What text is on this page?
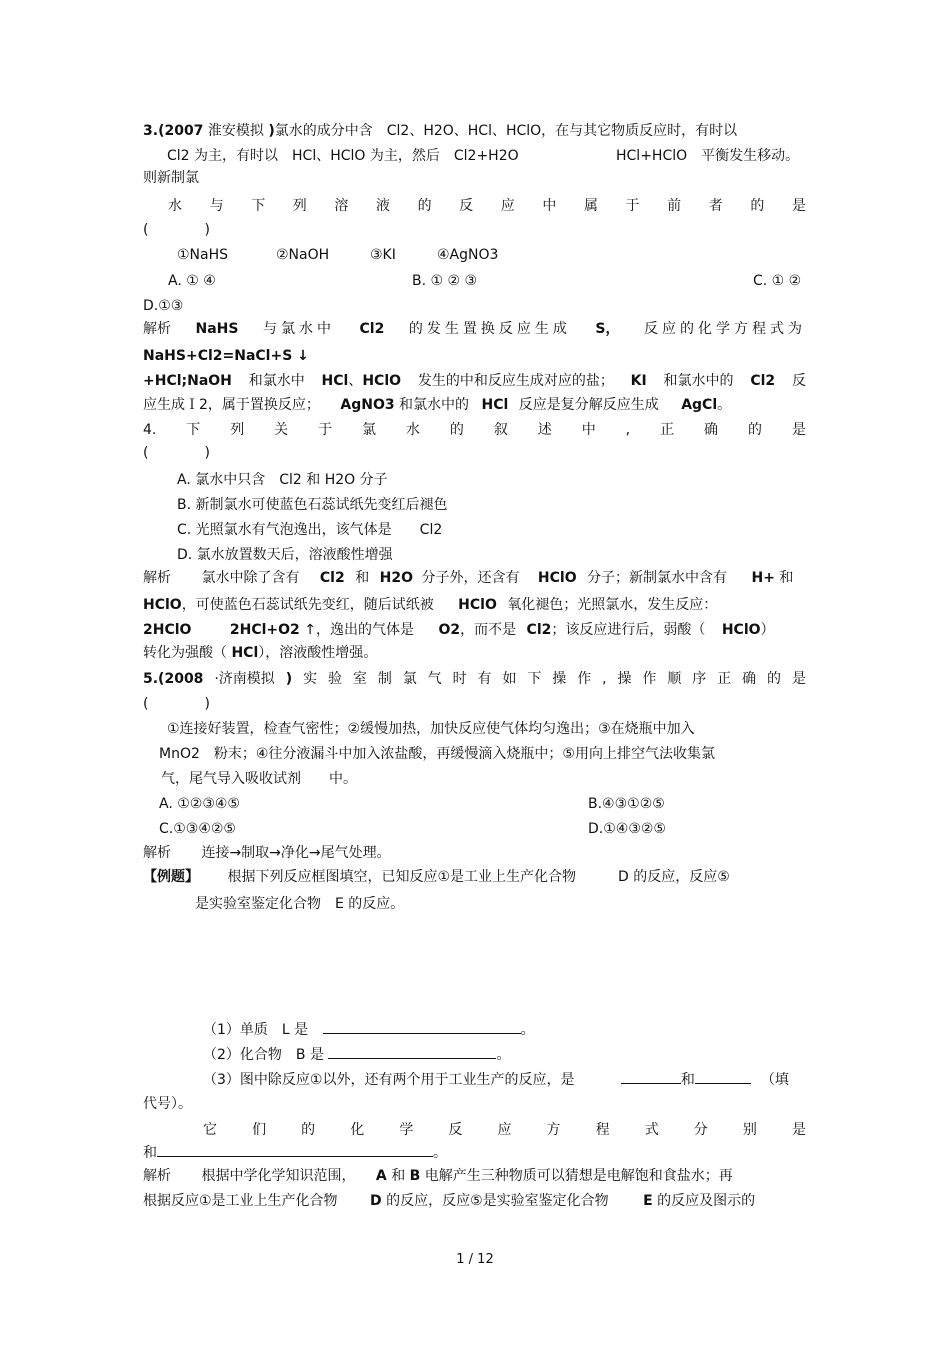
3.(2007 淮安模拟 )氯水的成分中含　Cl2、H2O、HCl、HClO，在与其它物质反应时，有时以
Cl2 为主，有时以　HCl、HClO 为主，然后　Cl2+H2O	HCl+HClO　平衡发生移动。
则新制氯
水 与 下 列 溶 液 的 反 应 中 属 于 前 者 的 是
(　　　　)
①NaHS	②NaOH	③KI	④AgNO3
A. ① ④	B. ① ② ③	C. ① ②
D.①③
解析 NaHS 与氯水中 Cl2 的发生置换反应生成 S， 反应的化学方程式为
NaHS+Cl2=NaCl+S ↓
+HCl;NaOH 和氯水中 HCl、HClO 发生的中和反应生成对应的盐； KI 和氯水中的 Cl2 反
应生成Ｉ2，属于置换反应； AgNO3 和氯水中的 HCl 反应是复分解反应生成 AgCl。
4. 下 列 关 于 氯 水 的 叙 述 中 , 正 确 的 是
(　　　　)
A. 氯水中只含　Cl2 和 H2O 分子
B. 新制氯水可使蓝色石蕊试纸先变红后褪色
C. 光照氯水有气泡逸出，该气体是　　Cl2
D. 氯水放置数天后，溶液酸性增强
解析 氯水中除了含有 Cl2 和 H2O 分子外，还含有 HClO 分子；新制氯水中含有 H+ 和
HClO，可使蓝色石蕊试纸先变红，随后试纸被 HClO 氧化褪色；光照氯水，发生反应：
2HClO	2HCl+O2 ↑，逸出的气体是 O2，而不是 Cl2；该反应进行后，弱酸（ HClO）
转化为强酸（ HCl），溶液酸性增强。
5.(2008 ·济南模拟 ) 实 验 室 制 氯 气 时 有 如 下 操 作 , 操 作 顺 序 正 确 的 是
(　　　　)
①连接好装置，检查气密性；②缓慢加热，加快反应使气体均匀逸出；③在烧瓶中加入
MnO2　粉末；④往分液漏斗中加入浓盐酸，再缓慢滴入烧瓶中；⑤用向上排空气法收集氯
气，尾气导入吸收试剂　　中。
A. ①②③④⑤	B.④③①②⑤
C.①③④②⑤	D.①④③②⑤
解析 连接→制取→净化→尾气处理。
【例题】 根据下列反应框图填空，已知反应①是工业上生产化合物　　　D 的反应，反应⑤
是实验室鉴定化合物　E 的反应。
（1）单质　L 是	。
（2）化合物　B 是	。
（3）图中除反应①以外，还有两个用于工业生产的反应，是	和	（填
代号）。
它	们	的	化	学	反	应	方	程	式	分	别	是
和	。
解析 根据中学化学知识范围， A 和 B 电解产生三种物质可以猜想是电解饱和食盐水；再
根据反应①是工业上生产化合物 D 的反应，反应⑤是实验室鉴定化合物 E 的反应及图示的
1 / 12
